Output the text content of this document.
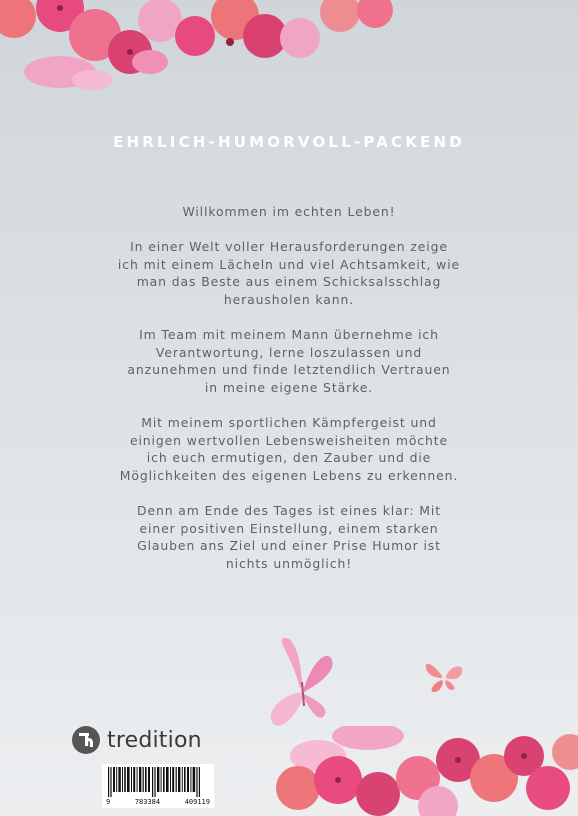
EHRLICH-HUMORVOLL-PACKEND

Willkommen im echten Leben!

In einer Welt voller Herausforderungen zeige
ich mit einem Lächeln und viel Achtsamkeit, wie
man das Beste aus einem Schicksalsschlag
herausholen kann.

Im Team mit meinem Mann übernehme ich
Verantwortung, lerne loszulassen und
anzunehmen und finde letztendlich Vertrauen
in meine eigene Stärke.

Mit meinem sportlichen Kämpfergeist und
einigen wertvollen Lebensweisheiten möchte
ich euch ermutigen, den Zauber und die
Möglichkeiten des eigenen Lebens zu erkennen.

Denn am Ende des Tages ist eines klar: Mit
einer positiven Einstellung, einem starken
Glauben ans Ziel und einer Prise Humor ist
nichts unmöglich!

tredition
9	783384	409119
